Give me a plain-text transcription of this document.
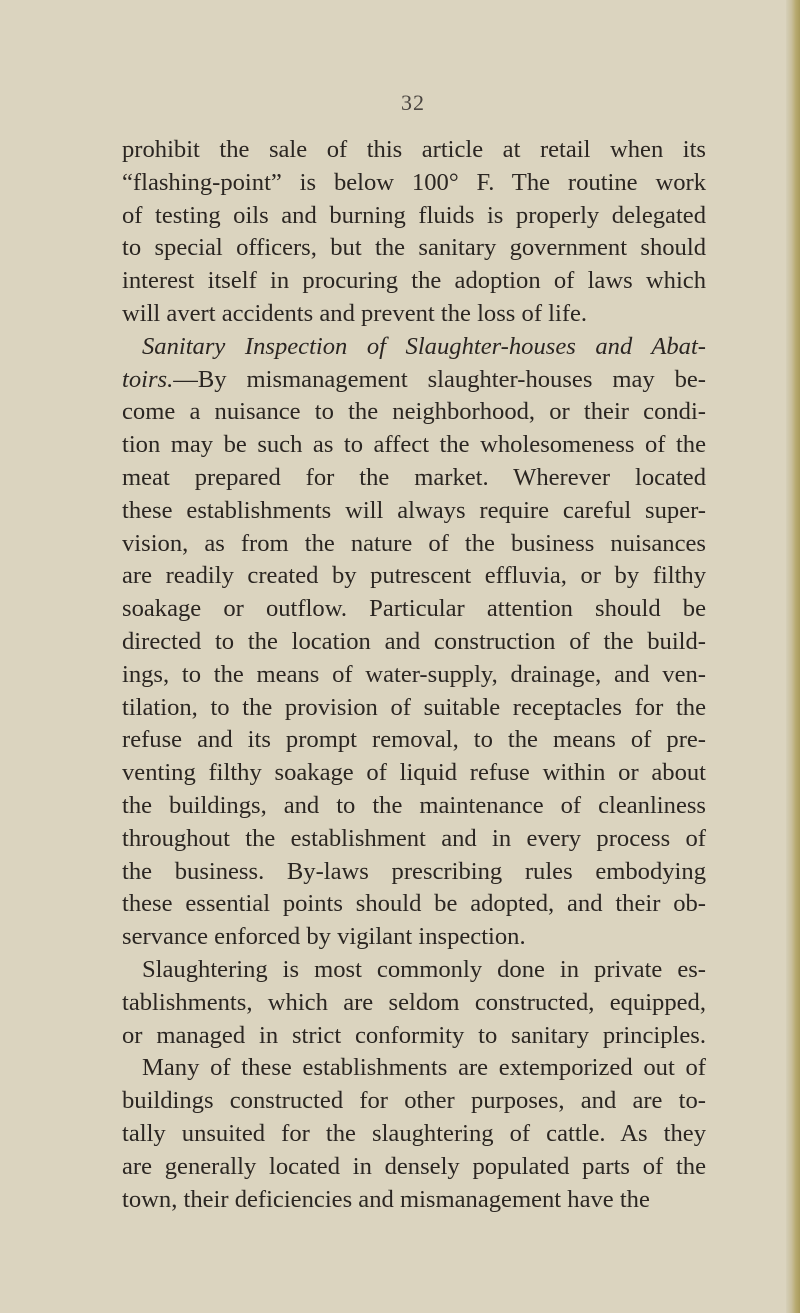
32
prohibit the sale of this article at retail when its
“flashing-point” is below 100° F. The routine work
of testing oils and burning fluids is properly delegated
to special officers, but the sanitary government should
interest itself in procuring the adoption of laws which
will avert accidents and prevent the loss of life.
Sanitary Inspection of Slaughter-houses and Abat-
toirs.—By mismanagement slaughter-houses may be-
come a nuisance to the neighborhood, or their condi-
tion may be such as to affect the wholesomeness of the
meat prepared for the market. Wherever located
these establishments will always require careful super-
vision, as from the nature of the business nuisances
are readily created by putrescent effluvia, or by filthy
soakage or outflow. Particular attention should be
directed to the location and construction of the build-
ings, to the means of water-supply, drainage, and ven-
tilation, to the provision of suitable receptacles for the
refuse and its prompt removal, to the means of pre-
venting filthy soakage of liquid refuse within or about
the buildings, and to the maintenance of cleanliness
throughout the establishment and in every process of
the business. By-laws prescribing rules embodying
these essential points should be adopted, and their ob-
servance enforced by vigilant inspection.
Slaughtering is most commonly done in private es-
tablishments, which are seldom constructed, equipped,
or managed in strict conformity to sanitary principles.
Many of these establishments are extemporized out of
buildings constructed for other purposes, and are to-
tally unsuited for the slaughtering of cattle. As they
are generally located in densely populated parts of the
town, their deficiencies and mismanagement have the
